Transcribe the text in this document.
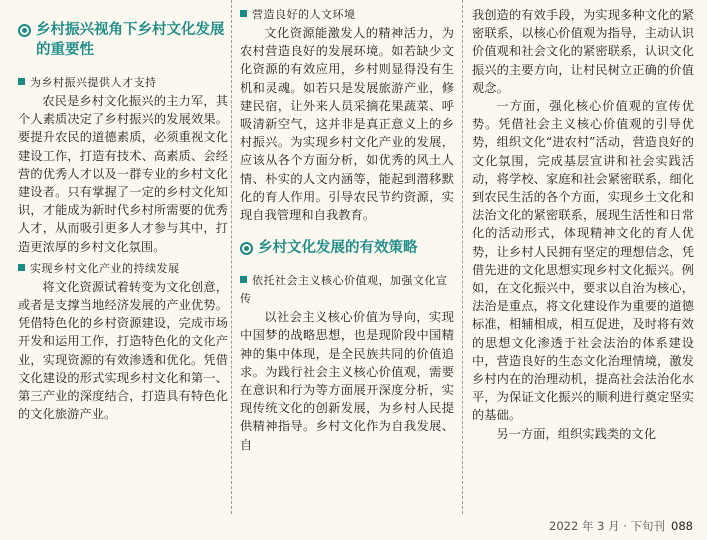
乡村振兴视角下乡村文化发展的重要性
为乡村振兴提供人才支持

农民是乡村文化振兴的主力军，其个人素质决定了乡村振兴的发展效果。要提升农民的道德素质，必须重视文化建设工作，打造有技术、高素质、会经营的优秀人才以及一群专业的乡村文化建设者。只有掌握了一定的乡村文化知识，才能成为新时代乡村所需要的优秀人才，从而吸引更多人才参与其中，打造更浓厚的乡村文化氛围。

实现乡村文化产业的持续发展

将文化资源试着转变为文化创意，或者是支撑当地经济发展的产业优势。凭借特色化的乡村资源建设，完成市场开发和运用工作，打造特色化的文化产业，实现资源的有效渗透和优化。凭借文化建设的形式实现乡村文化和第一、第三产业的深度结合，打造具有特色化的文化旅游产业。

营造良好的人文环境

文化资源能激发人的精神活力，为农村营造良好的发展环境。如若缺少文化资源的有效应用，乡村则显得没有生机和灵魂。如若只是发展旅游产业，修建民宿，让外来人员采摘花果蔬菜、呼吸清新空气，这并非是真正意义上的乡村振兴。为实现乡村文化产业的发展，应该从各个方面分析，如优秀的风土人情、朴实的人文内涵等，能起到潜移默化的育人作用。引导农民节约资源，实现自我管理和自我教育。

乡村文化发展的有效策略
依托社会主义核心价值观，加强文化宣传

以社会主义核心价值为导向，实现中国梦的战略思想，也是现阶段中国精神的集中体现，是全民族共同的价值追求。为践行社会主义核心价值观，需要在意识和行为等方面展开深度分析，实现传统文化的创新发展，为乡村人民提供精神指导。乡村文化作为自我发展、自

我创造的有效手段，为实现多种文化的紧密联系，以核心价值观为指导，主动认识价值观和社会文化的紧密联系，认识文化振兴的主要方向，让村民树立正确的价值观念。

一方面，强化核心价值观的宣传优势。凭借社会主义核心价值观的引导优势，组织文化“进农村”活动，营造良好的文化氛围，完成基层宣讲和社会实践活动，将学校、家庭和社会紧密联系，细化到农民生活的各个方面，实现乡土文化和法治文化的紧密联系，展现生活性和日常化的活动形式，体现精神文化的育人优势，让乡村人民拥有坚定的理想信念，凭借先进的文化思想实现乡村文化振兴。例如，在文化振兴中，要求以自治为核心，法治是重点，将文化建设作为重要的道德标准，相辅相成，相互促进，及时将有效的思想文化渗透于社会法治的体系建设中，营造良好的生态文化治理情境，激发乡村内在的治理动机，提高社会法治化水平，为保证文化振兴的顺利进行奠定坚实的基础。

另一方面，组织实践类的文化

2022 年 3 月 · 下旬刊 088
